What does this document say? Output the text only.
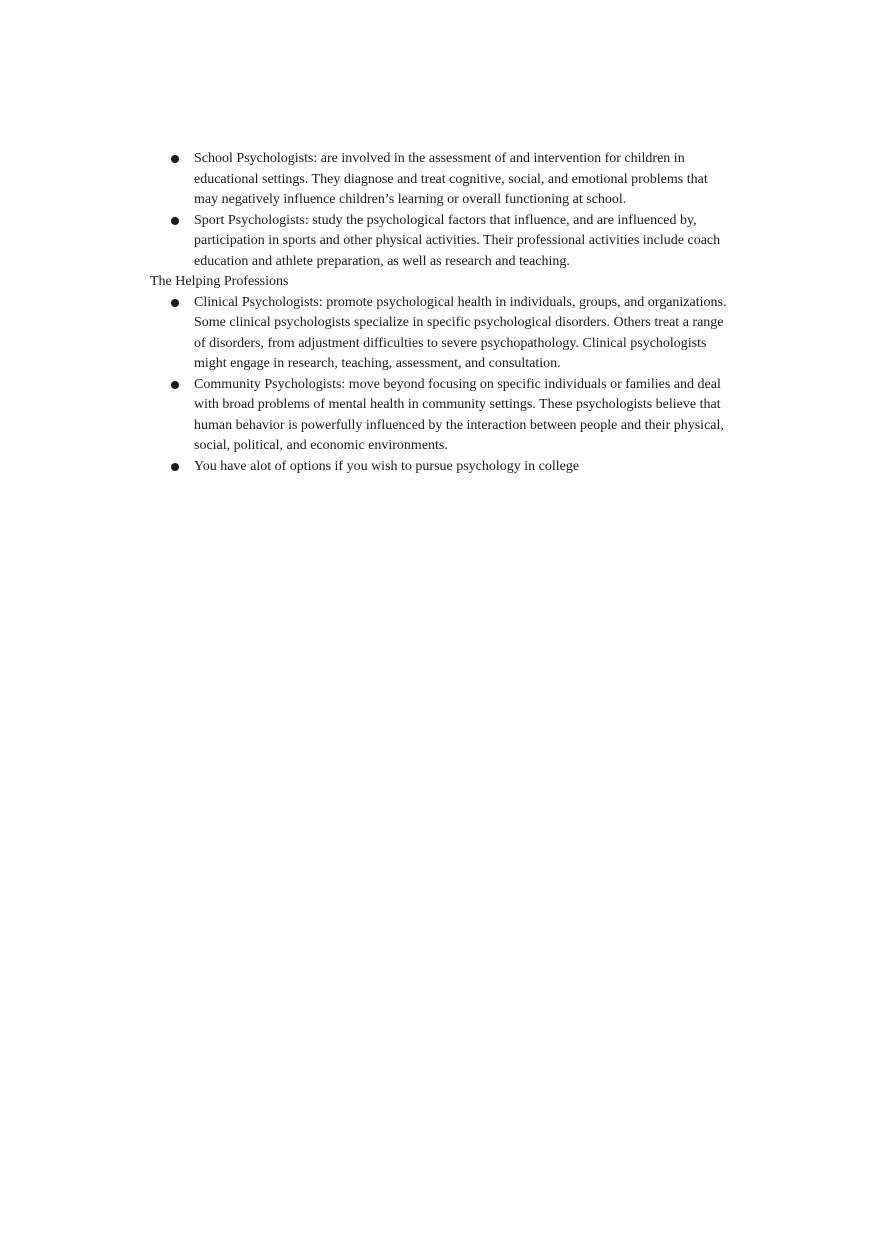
School Psychologists: are involved in the assessment of and intervention for children in
educational settings. They diagnose and treat cognitive, social, and emotional problems that
may negatively influence children’s learning or overall functioning at school.
Sport Psychologists: study the psychological factors that influence, and are influenced by,
participation in sports and other physical activities. Their professional activities include coach
education and athlete preparation, as well as research and teaching.
The Helping Professions
Clinical Psychologists: promote psychological health in individuals, groups, and organizations.
Some clinical psychologists specialize in specific psychological disorders. Others treat a range
of disorders, from adjustment difficulties to severe psychopathology. Clinical psychologists
might engage in research, teaching, assessment, and consultation.
Community Psychologists: move beyond focusing on specific individuals or families and deal
with broad problems of mental health in community settings. These psychologists believe that
human behavior is powerfully influenced by the interaction between people and their physical,
social, political, and economic environments.
You have alot of options if you wish to pursue psychology in college
